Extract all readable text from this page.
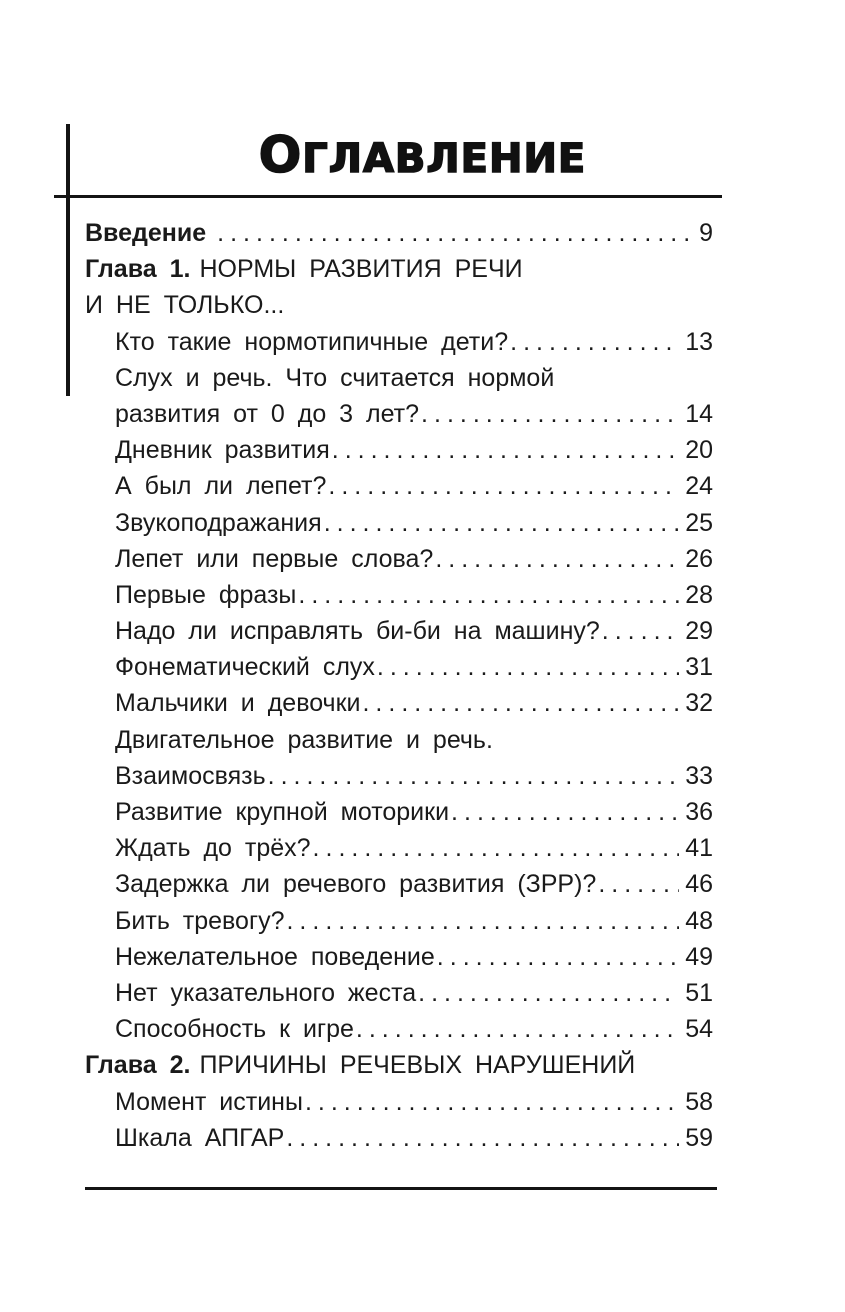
ОГЛАВЛЕНИЕ
Введение .....	9
Глава 1. НОРМЫ РАЗВИТИЯ РЕЧИ
И НЕ ТОЛЬКО...
Кто такие нормотипичные дети? .....	13
Слух и речь. Что считается нормой
развития от 0 до 3 лет? .....	14
Дневник развития .....	20
А был ли лепет? .....	24
Звукоподражания .....	25
Лепет или первые слова? .....	26
Первые фразы .....	28
Надо ли исправлять би-би на машину? .....	29
Фонематический слух .....	31
Мальчики и девочки .....	32
Двигательное развитие и речь.
Взаимосвязь .....	33
Развитие крупной моторики .....	36
Ждать до трёх? .....	41
Задержка ли речевого развития (ЗРР)? .....	46
Бить тревогу? .....	48
Нежелательное поведение .....	49
Нет указательного жеста .....	51
Способность к игре .....	54
Глава 2. ПРИЧИНЫ РЕЧЕВЫХ НАРУШЕНИЙ
Момент истины .....	58
Шкала АПГАР .....	59
